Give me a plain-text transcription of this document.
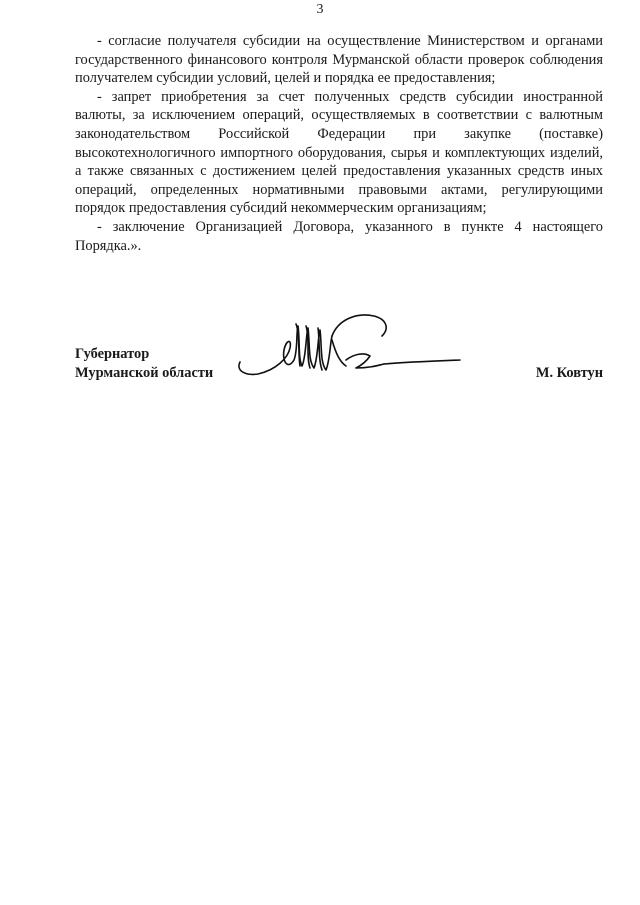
3

- согласие получателя субсидии на осуществление Министерством и органами государственного финансового контроля Мурманской области проверок соблюдения получателем субсидии условий, целей и порядка ее предоставления;

- запрет приобретения за счет полученных средств субсидии иностранной валюты, за исключением операций, осуществляемых в соответствии с валютным законодательством Российской Федерации при закупке (поставке) высокотехнологичного импортного оборудования, сырья и комплектующих изделий, а также связанных с достижением целей предоставления указанных средств иных операций, определенных нормативными правовыми актами, регулирующими порядок предоставления субсидий некоммерческим организациям;

- заключение Организацией Договора, указанного в пункте 4 настоящего Порядка.».

Губернатор
Мурманской области	М. Ковтун
